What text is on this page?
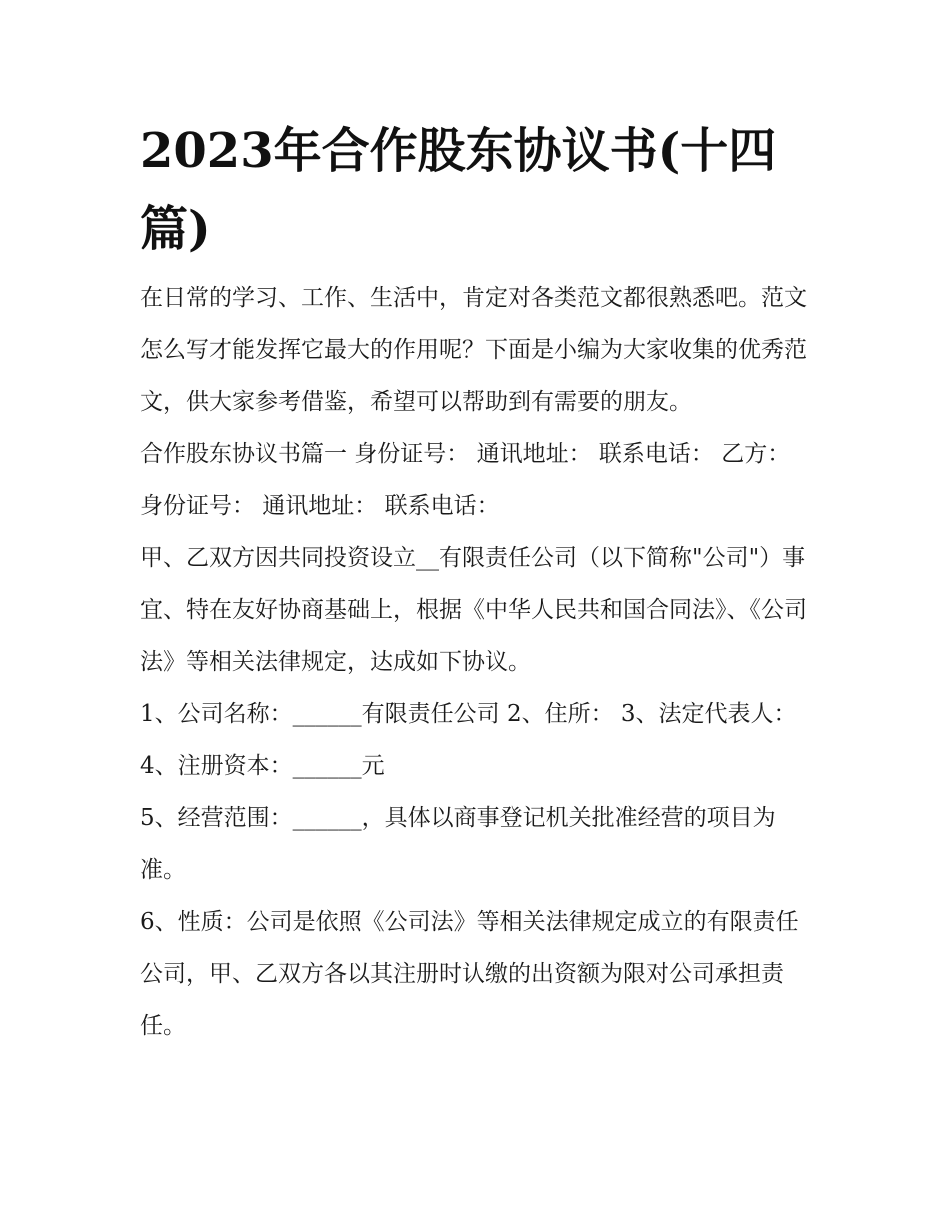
2023年合作股东协议书(十四篇)

在日常的学习、工作、生活中，肯定对各类范文都很熟悉吧。范文怎么写才能发挥它最大的作用呢？下面是小编为大家收集的优秀范文，供大家参考借鉴，希望可以帮助到有需要的朋友。

合作股东协议书篇一 身份证号： 通讯地址： 联系电话： 乙方： 身份证号： 通讯地址： 联系电话：

甲、乙双方因共同投资设立__有限责任公司（以下简称"公司"）事宜、特在友好协商基础上，根据《中华人民共和国合同法》、《公司法》等相关法律规定，达成如下协议。

1、公司名称：______有限责任公司 2、住所： 3、法定代表人： 4、注册资本：______元

5、经营范围：______，具体以商事登记机关批准经营的项目为准。

6、性质：公司是依照《公司法》等相关法律规定成立的有限责任公司，甲、乙双方各以其注册时认缴的出资额为限对公司承担责任。
